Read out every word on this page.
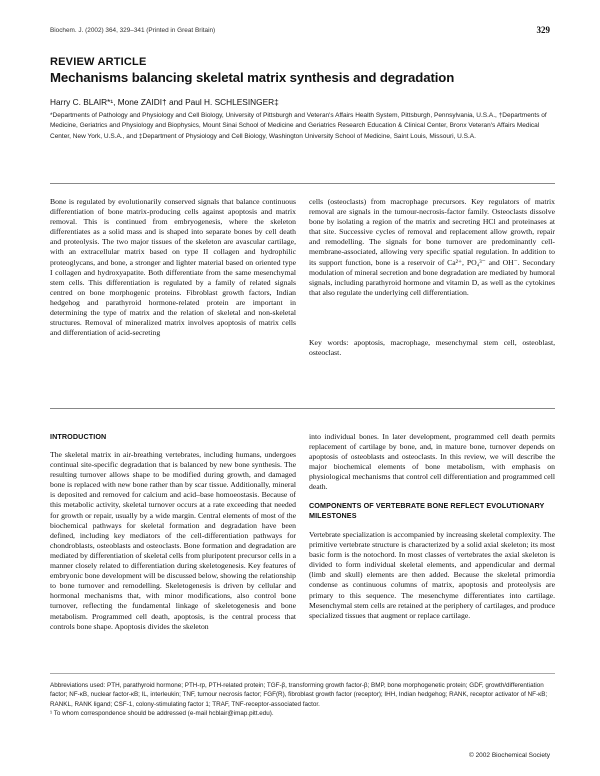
Biochem. J. (2002) 364, 329–341 (Printed in Great Britain)	329
REVIEW ARTICLE
Mechanisms balancing skeletal matrix synthesis and degradation
Harry C. BLAIR*¹, Mone ZAIDI† and Paul H. SCHLESINGER‡
*Departments of Pathology and Physiology and Cell Biology, University of Pittsburgh and Veteran's Affairs Health System, Pittsburgh, Pennsylvania, U.S.A., †Departments of Medicine, Geriatrics and Physiology and Biophysics, Mount Sinai School of Medicine and Geriatrics Research Education & Clinical Center, Bronx Veteran's Affairs Medical Center, New York, U.S.A., and ‡Department of Physiology and Cell Biology, Washington University School of Medicine, Saint Louis, Missouri, U.S.A.

Bone is regulated by evolutionarily conserved signals that balance continuous differentiation of bone matrix-producing cells against apoptosis and matrix removal. This is continued from embryogenesis, where the skeleton differentiates as a solid mass and is shaped into separate bones by cell death and proteolysis. The two major tissues of the skeleton are avascular cartilage, with an extracellular matrix based on type II collagen and hydrophilic proteoglycans, and bone, a stronger and lighter material based on oriented type I collagen and hydroxyapatite. Both differentiate from the same mesenchymal stem cells. This differentiation is regulated by a family of related signals centred on bone morphogenic proteins. Fibroblast growth factors, Indian hedgehog and parathyroid hormone-related protein are important in determining the type of matrix and the relation of skeletal and non-skeletal structures. Removal of mineralized matrix involves apoptosis of matrix cells and differentiation of acid-secreting

cells (osteoclasts) from macrophage precursors. Key regulators of matrix removal are signals in the tumour-necrosis-factor family. Osteoclasts dissolve bone by isolating a region of the matrix and secreting HCl and proteinases at that site. Successive cycles of removal and replacement allow growth, repair and remodelling. The signals for bone turnover are predominantly cell-membrane-associated, allowing very specific spatial regulation. In addition to its support function, bone is a reservoir of Ca²⁺, PO₄³⁻ and OH⁻. Secondary modulation of mineral secretion and bone degradation are mediated by humoral signals, including parathyroid hormone and vitamin D, as well as the cytokines that also regulate the underlying cell differentiation.

Key words: apoptosis, macrophage, mesenchymal stem cell, osteoblast, osteoclast.

INTRODUCTION

The skeletal matrix in air-breathing vertebrates, including humans, undergoes continual site-specific degradation that is balanced by new bone synthesis. The resulting turnover allows shape to be modified during growth, and damaged bone is replaced with new bone rather than by scar tissue. Additionally, mineral is deposited and removed for calcium and acid–base homoeostasis. Because of this metabolic activity, skeletal turnover occurs at a rate exceeding that needed for growth or repair, usually by a wide margin. Central elements of most of the biochemical pathways for skeletal formation and degradation have been defined, including key mediators of the cell-differentiation pathways for chondroblasts, osteoblasts and osteoclasts. Bone formation and degradation are mediated by differentiation of skeletal cells from pluripotent precursor cells in a manner closely related to differentiation during skeletogenesis. Key features of embryonic bone development will be discussed below, showing the relationship to bone turnover and remodelling. Skeletogenesis is driven by cellular and hormonal mechanisms that, with minor modifications, also control bone turnover, reflecting the fundamental linkage of skeletogenesis and bone metabolism. Programmed cell death, apoptosis, is the central process that controls bone shape. Apoptosis divides the skeleton

into individual bones. In later development, programmed cell death permits replacement of cartilage by bone, and, in mature bone, turnover depends on apoptosis of osteoblasts and osteoclasts. In this review, we will describe the major biochemical elements of bone metabolism, with emphasis on physiological mechanisms that control cell differentiation and programmed cell death.

COMPONENTS OF VERTEBRATE BONE REFLECT EVOLUTIONARY MILESTONES

Vertebrate specialization is accompanied by increasing skeletal complexity. The primitive vertebrate structure is characterized by a solid axial skeleton; its most basic form is the notochord. In most classes of vertebrates the axial skeleton is divided to form individual skeletal elements, and appendicular and dermal (limb and skull) elements are then added. Because the skeletal primordia condense as continuous columns of matrix, apoptosis and proteolysis are primary to this sequence. The mesenchyme differentiates into cartilage. Mesenchymal stem cells are retained at the periphery of cartilages, and produce specialized tissues that augment or replace cartilage.

Abbreviations used: PTH, parathyroid hormone; PTH-rp, PTH-related protein; TGF-β, transforming growth factor-β; BMP, bone morphogenetic protein; GDF, growth/differentiation factor; NF-κB, nuclear factor-κB; IL, interleukin; TNF, tumour necrosis factor; FGF(R), fibroblast growth factor (receptor); IHH, Indian hedgehog; RANK, receptor activator of NF-κB; RANKL, RANK ligand; CSF-1, colony-stimulating factor 1; TRAF, TNF-receptor-associated factor.
¹ To whom correspondence should be addressed (e-mail hcblair@imap.pitt.edu).
© 2002 Biochemical Society
